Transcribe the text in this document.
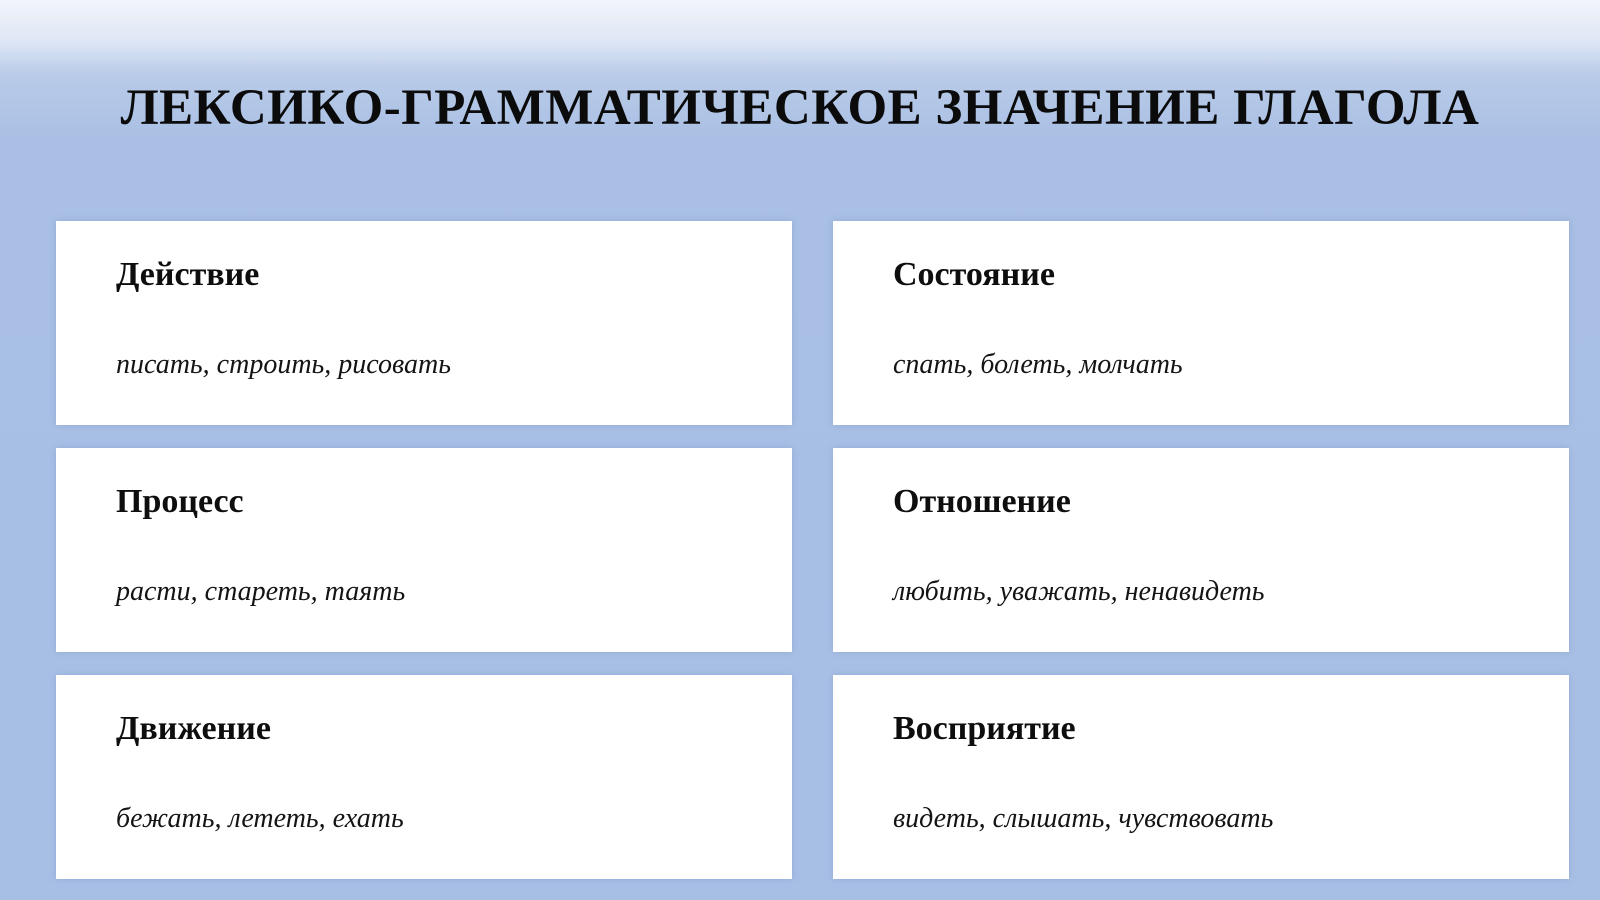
ЛЕКСИКО-ГРАММАТИЧЕСКОЕ ЗНАЧЕНИЕ ГЛАГОЛА

Действие

писать, строить, рисовать

Состояние

спать, болеть, молчать

Процесс

расти, стареть, таять

Отношение

любить, уважать, ненавидеть

Движение

бежать, лететь, ехать

Восприятие

видеть, слышать, чувствовать
